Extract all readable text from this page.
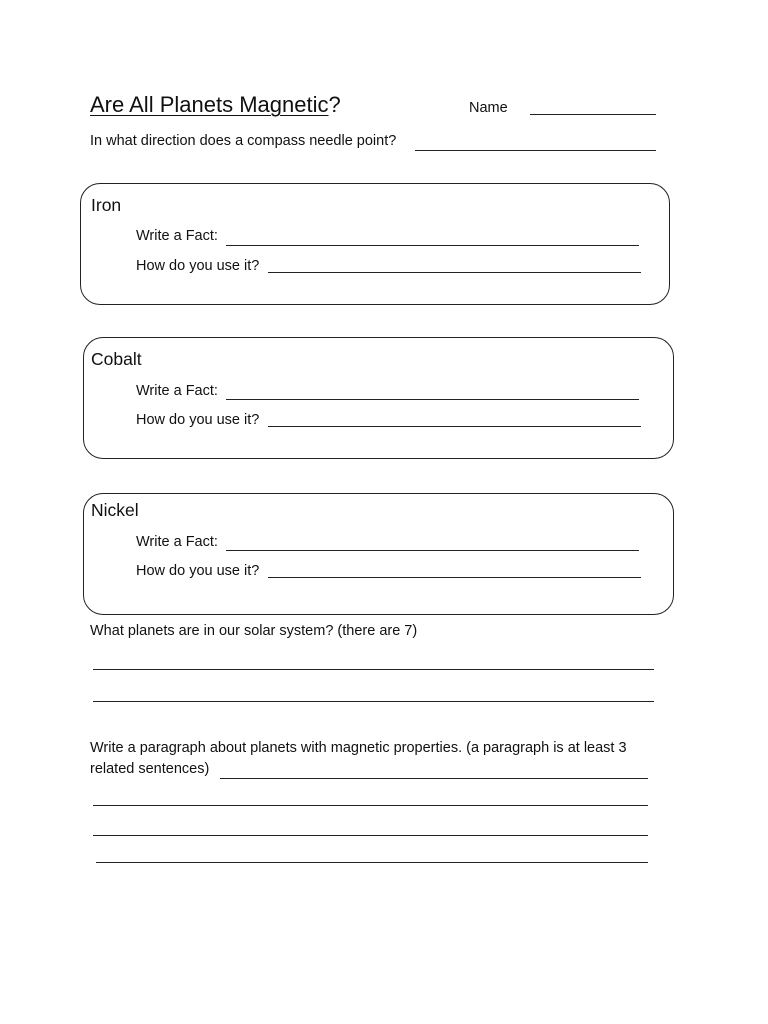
Are All Planets Magnetic?	Name
In what direction does a compass needle point?
Iron
Write a Fact:
How do you use it?
Cobalt
Write a Fact:
How do you use it?
Nickel
Write a Fact:
How do you use it?
What planets are in our solar system? (there are 7)
Write a paragraph about planets with magnetic properties. (a paragraph is at least 3
related sentences)
